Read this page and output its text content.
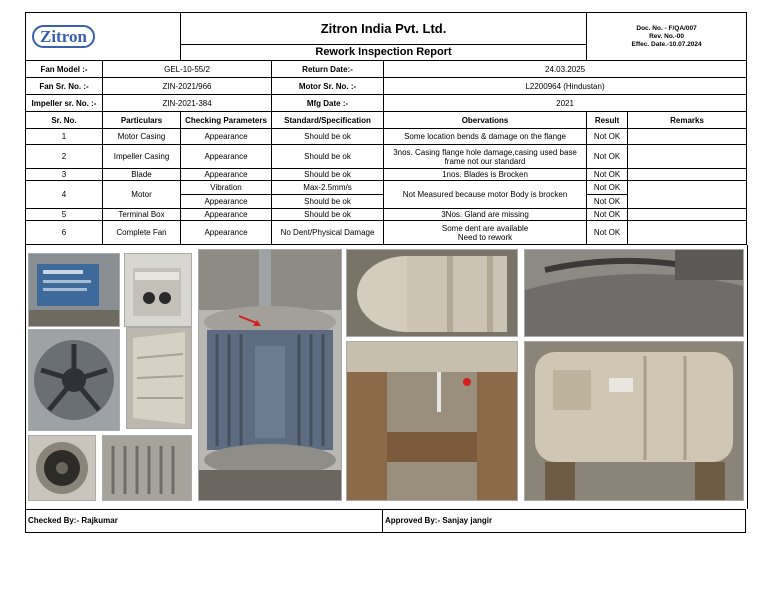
Zitron		Zitron India Pvt. Ltd.			Doc. No. - F/QA/007
Rev. No.-00
Effec. Date.-10.07.2024	

		Rework Inspection Report				
Fan Model :-	GEL-10-55/2		Return Date:-	24.03.2025		
Fan Sr. No. :-	ZIN-2021/966		Motor Sr. No. :-	L2200964 (Hindustan)		
Impeller sr. No. :-	ZIN-2021-384		Mfg Date :-	2021		
Sr. No.	Particulars	Checking Parameters	Standard/Specification	Obervations	Result	Remarks
1	Motor Casing	Appearance	Should be ok	Some location bends & damage on the flange	Not OK	
2	Impeller Casing	Appearance	Should be ok	3nos. Casing flange hole damage,casing used base frame not our standard	Not OK	
3	Blade	Appearance	Should be ok	1nos. Blades is Brocken	Not OK	
4	Motor	Vibration	Max-2.5mm/s	Not Measured because motor Body is brocken	Not OK	
		Appearance	Should be ok		Not OK	
5	Terminal Box	Appearance	Should be ok	3Nos. Gland are missing	Not OK	
6	Complete Fan	Appearance	No Dent/Physical Damage	Some dent are available
Need to rework	Not OK	
Checked By:- Rajkumar	Approved By:- Sanjay jangir
